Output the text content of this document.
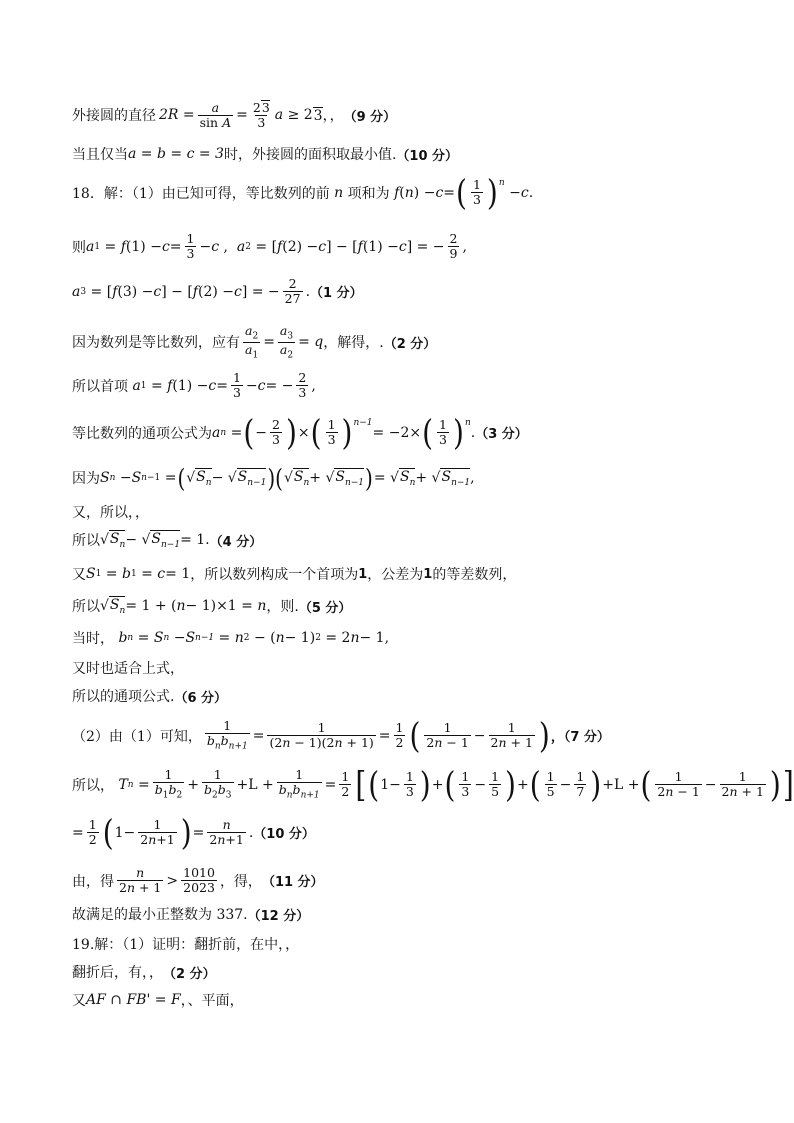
外接圆的直径 $2R = \frac{a}{\text{sin A}} = \frac{23}{3}$ a ≥ 2 3 ，， （9 分）
当且仅当 a = b = c = 3 时，外接圆的面积取最小值. （10 分）
18．解：（1）由已知可得，等比数列的前 n 项和为 f ( n ) − c = ( $\frac{1}{3} )^n$
− c .
则 a 1 = f $(1) - c = \frac{1}{3} - c$ , a 2 = [ f (2) − c ] − [ f (1) − c ] = − $\frac{2}{9}$ ,
a 3 = [ f (3) − c ] − [ f (2) − c ] = − $\frac{2}{27}$ . （1 分）
因为数列是等比数列，应有 $\frac{a_2}{a_1} = \frac{a_3}{a_2} = q$ ，解得，. （2 分）
所以首项 a 1 = f $(1) - c = \frac{1}{3} - c$ = − $\frac{2}{3}$ ,
等比数列的通项公式为 a n = ( − $\frac{2}{3}$ ) × ( $\frac{1}{3} )^{n-1}$
= −2× ( $\frac{1}{3} )^n$
. （3 分）
因为 S n − S n −1 = ( √ $S_n$ − √ $S_{n-1}$ )( √ $S_n$ + √ $S_{n-1}$ ) = √ $S_n$ + √ $S_{n-1}$ ,
又，所以，，
所以 √ $S_n$ − √ $S_{n-1} = 1$. （4 分）
又 S 1 = b 1 = c = 1 ，所以数列构成一个首项为 1 ，公差为 1 的等差数列，
所以 √ $S_n = 1$ + ( n − 1)×1 = n ，则. （5 分）
当时， b n = S n − S n−1 = n 2 − ( n − 1) 2 = 2 n − 1,
又时也适合上式，
所以的通项公式. （6 分）
（2）由（1）可知， $\frac{1}{b_nb_{n+1}} = \frac{1}{(2n - 1)(2n + 1)} = \frac{1}{2}$ ( $\frac{1}{2n - 1} - \frac{1}{2n + 1}$ ) ，（7 分）
所以， T $n = \frac{1}{b_1b_2} + \frac{1}{b_2b_3} +L + \frac{1}{b_nb_{n+1}} = \frac{1}{2}$ [ ( $1- \frac{1}{3}$ ) + ( $\frac{1}{3} - \frac{1}{5}$ ) + ( $\frac{1}{5} - \frac{1}{7}$ ) +L + ( $\frac{1}{2n - 1} - \frac{1}{2n + 1}$ ) ]
= $\frac{1}{2}$ ( $1- \frac{1}{2n+1}$ ) = $\frac{n}{2n+1}$ . （10 分）
由，得 $\frac{n}{2n + 1} > \frac{1010}{2023}$ ，得， （11 分）
故满足的最小正整数为 337. （12 分）
19.解：（1）证明：翻折前，在中，，
翻折后，有，， （2 分）
又 AF ∩ FB' = F ，、平面，
